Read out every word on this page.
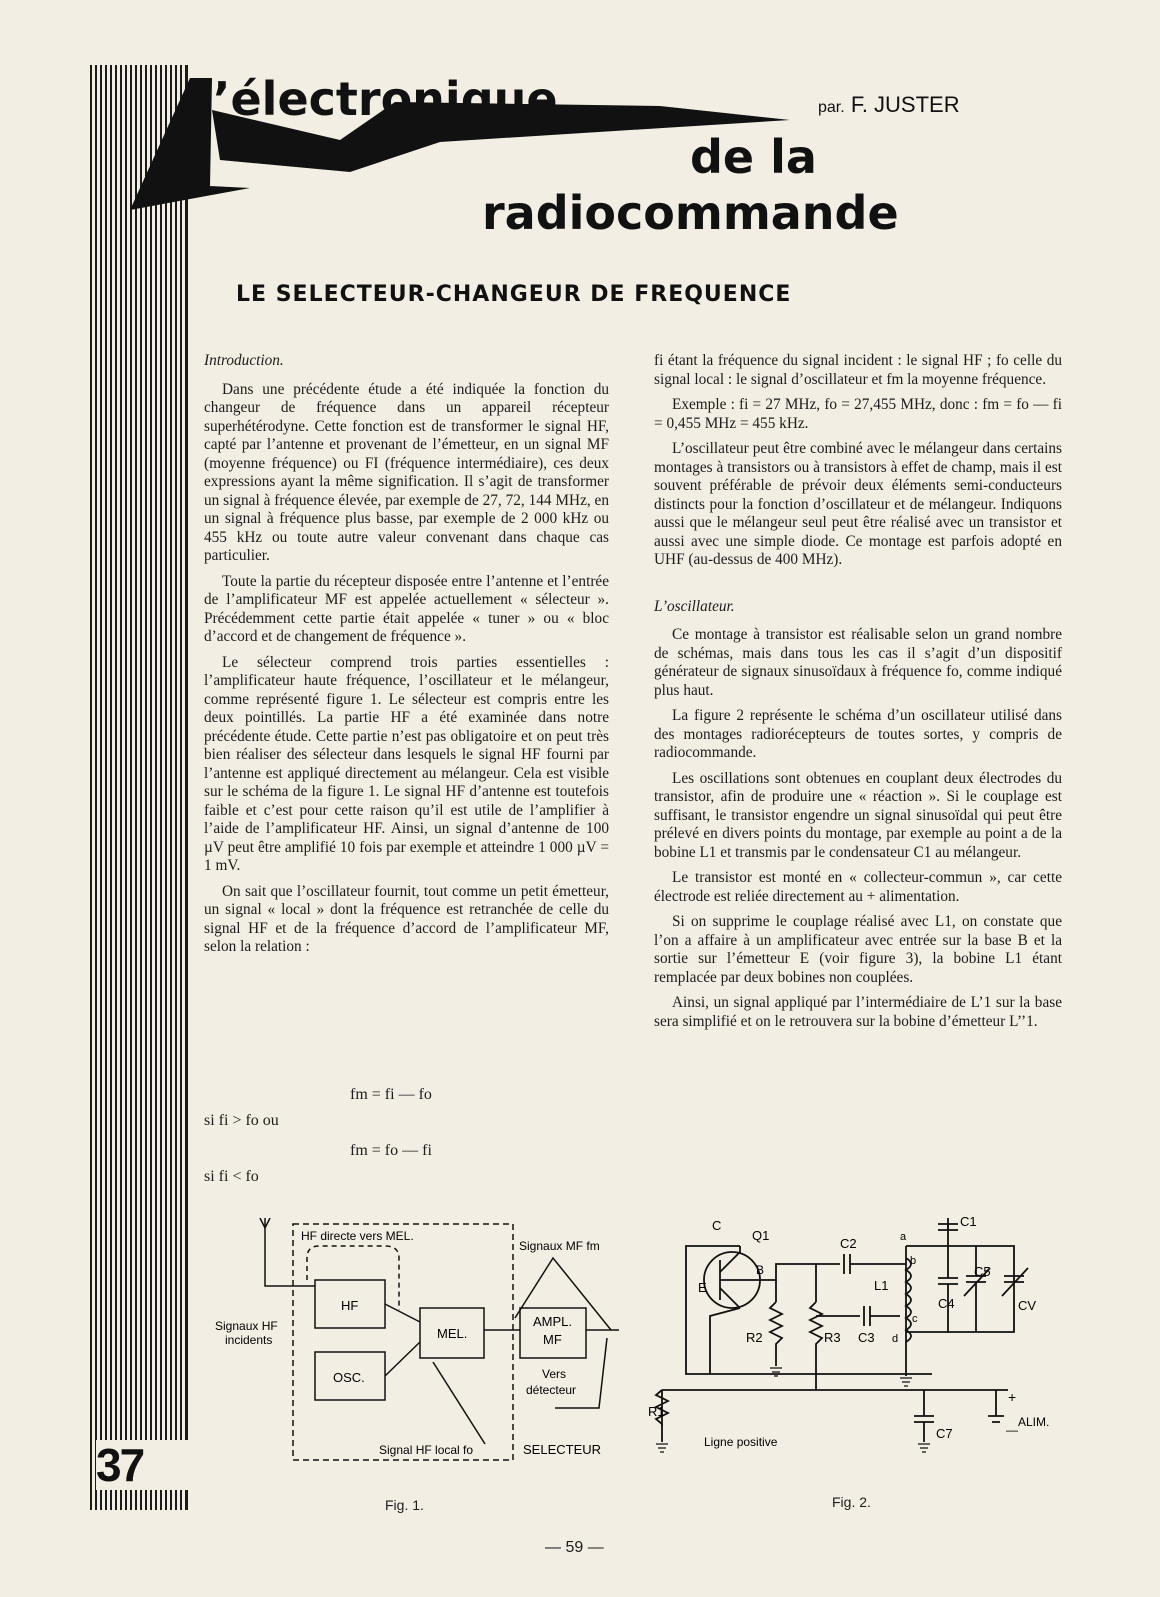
’électronique
de la
radiocommande
par. F. JUSTER
LE SELECTEUR-CHANGEUR DE FREQUENCE

Introduction.

Dans une précédente étude a été indiquée la fonction du changeur de fréquence dans un appareil récepteur superhétérodyne. Cette fonction est de transformer le signal HF, capté par l’antenne et provenant de l’émetteur, en un signal MF (moyenne fréquence) ou FI (fréquence intermédiaire), ces deux expressions ayant la même signification. Il s’agit de transformer un signal à fréquence élevée, par exemple de 27, 72, 144 MHz, en un signal à fréquence plus basse, par exemple de 2 000 kHz ou 455 kHz ou toute autre valeur convenant dans chaque cas particulier.

Toute la partie du récepteur disposée entre l’antenne et l’entrée de l’amplificateur MF est appelée actuellement « sélecteur ». Précédemment cette partie était appelée « tuner » ou « bloc d’accord et de changement de fréquence ».

Le sélecteur comprend trois parties essentielles : l’amplificateur haute fréquence, l’oscillateur et le mélangeur, comme représenté figure 1. Le sélecteur est compris entre les deux pointillés. La partie HF a été examinée dans notre précédente étude. Cette partie n’est pas obligatoire et on peut très bien réaliser des sélecteur dans lesquels le signal HF fourni par l’antenne est appliqué directement au mélangeur. Cela est visible sur le schéma de la figure 1. Le signal HF d’antenne est toutefois faible et c’est pour cette raison qu’il est utile de l’amplifier à l’aide de l’amplificateur HF. Ainsi, un signal d’antenne de 100 µV peut être amplifié 10 fois par exemple et atteindre 1 000 µV = 1 mV.

On sait que l’oscillateur fournit, tout comme un petit émetteur, un signal « local » dont la fréquence est retranchée de celle du signal HF et de la fréquence d’accord de l’amplificateur MF, selon la relation :

fm = fi — fo
si fi > fo ou
fm = fo — fi
si fi < fo

fi étant la fréquence du signal incident : le signal HF ; fo celle du signal local : le signal d’oscillateur et fm la moyenne fréquence.

Exemple : fi = 27 MHz, fo = 27,455 MHz, donc : fm = fo — fi = 0,455 MHz = 455 kHz.

L’oscillateur peut être combiné avec le mélangeur dans certains montages à transistors ou à transistors à effet de champ, mais il est souvent préférable de prévoir deux éléments semi-conducteurs distincts pour la fonction d’oscillateur et de mélangeur. Indiquons aussi que le mélangeur seul peut être réalisé avec un transistor et aussi avec une simple diode. Ce montage est parfois adopté en UHF (au-dessus de 400 MHz).

L’oscillateur.

Ce montage à transistor est réalisable selon un grand nombre de schémas, mais dans tous les cas il s’agit d’un dispositif générateur de signaux sinusoïdaux à fréquence fo, comme indiqué plus haut.

La figure 2 représente le schéma d’un oscillateur utilisé dans des montages radiorécepteurs de toutes sortes, y compris de radiocommande.

Les oscillations sont obtenues en couplant deux électrodes du transistor, afin de produire une « réaction ». Si le couplage est suffisant, le transistor engendre un signal sinusoïdal qui peut être prélevé en divers points du montage, par exemple au point a de la bobine L1 et transmis par le condensateur C1 au mélangeur.

Le transistor est monté en « collecteur-commun », car cette électrode est reliée directement au + alimentation.

Si on supprime le couplage réalisé avec L1, on constate que l’on a affaire à un amplificateur avec entrée sur la base B et la sortie sur l’émetteur E (voir figure 3), la bobine L1 étant remplacée par deux bobines non couplées.

Ainsi, un signal appliqué par l’intermédiaire de L’1 sur la base sera simplifié et on le retrouvera sur la bobine d’émetteur L’’1.

HF directe vers MEL.
HF
OSC.
MEL.
AMPL.
MF
Signaux MF fm
Signaux HF
incidents
Vers
détecteur
Signal HF local fo	SELECTEUR
Fig. 1.
C
Q1
E
B
C2
C1
a
b
c
d
L1
C5
C4	CV
R2	R3 C3
R1
Ligne positive
C7
ALIM.
+
—
Fig. 2.
37
— 59 —
